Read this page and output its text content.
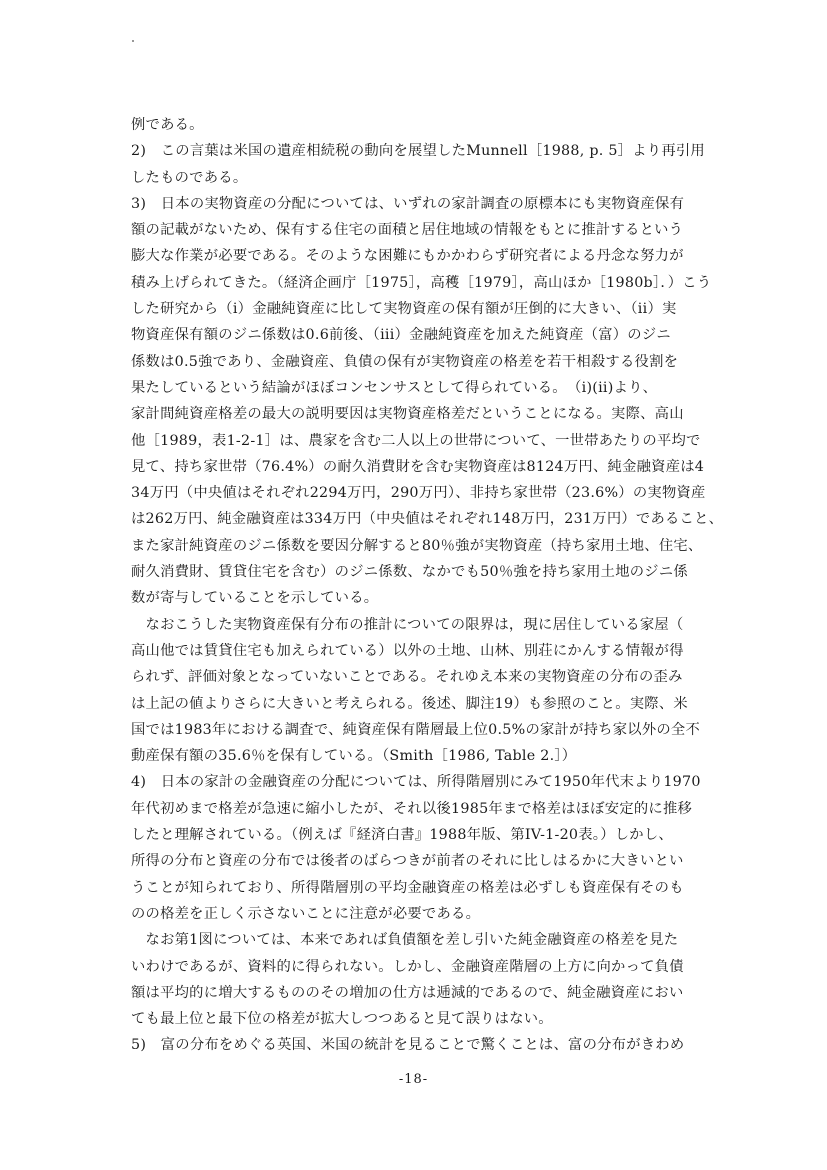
例である。
2)　この言葉は米国の遺産相続税の動向を展望したMunnell［1988, p. 5］より再引用
したものである。
3)　日本の実物資産の分配については、いずれの家計調査の原標本にも実物資産保有
額の記載がないため、保有する住宅の面積と居住地域の情報をもとに推計するという
膨大な作業が必要である。そのような困難にもかかわらず研究者による丹念な努力が
積み上げられてきた。（経済企画庁［1975］，高穫［1979］，高山ほか［1980b］．）こう
した研究から（i）金融純資産に比して実物資産の保有額が圧倒的に大きい、（ii）実
物資産保有額のジニ係数は0.6前後、（iii）金融純資産を加えた純資産（富）のジニ
係数は0.5強であり、金融資産、負債の保有が実物資産の格差を若干相殺する役割を
果たしているという結論がほぼコンセンサスとして得られている。　（i)(ii)より、
家計間純資産格差の最大の説明要因は実物資産格差だということになる。実際、高山
他［1989，表1-2-1］は、農家を含む二人以上の世帯について、一世帯あたりの平均で
見て、持ち家世帯（76.4%）の耐久消費財を含む実物資産は8124万円、純金融資産は4
34万円（中央値はそれぞれ2294万円，290万円）、非持ち家世帯（23.6%）の実物資産
は262万円、純金融資産は334万円（中央値はそれぞれ148万円，231万円）であること、
また家計純資産のジニ係数を要因分解すると80％強が実物資産（持ち家用土地、住宅、
耐久消費財、賃貸住宅を含む）のジニ係数、なかでも50％強を持ち家用土地のジニ係
数が寄与していることを示している。
　なおこうした実物資産保有分布の推計についての限界は，現に居住している家屋（
高山他では賃貸住宅も加えられている）以外の土地、山林、別荘にかんする情報が得
られず、評価対象となっていないことである。それゆえ本来の実物資産の分布の歪み
は上記の値よりさらに大きいと考えられる。後述、脚注19）も参照のこと。実際、米
国では1983年における調査で、純資産保有階層最上位0.5%の家計が持ち家以外の全不
動産保有額の35.6％を保有している。（Smith［1986, Table 2.］）
4)　日本の家計の金融資産の分配については、所得階層別にみて1950年代末より1970
年代初めまで格差が急速に縮小したが、それ以後1985年まで格差はほぼ安定的に推移
したと理解されている。（例えば『経済白書』1988年版、第IV-1-20表。）しかし、
所得の分布と資産の分布では後者のばらつきが前者のそれに比しはるかに大きいとい
うことが知られており、所得階層別の平均金融資産の格差は必ずしも資産保有そのも
のの格差を正しく示さないことに注意が必要である。
　なお第1図については、本来であれば負債額を差し引いた純金融資産の格差を見た
いわけであるが、資料的に得られない。しかし、金融資産階層の上方に向かって負債
額は平均的に増大するもののその増加の仕方は逓減的であるので、純金融資産におい
ても最上位と最下位の格差が拡大しつつあると見て誤りはない。
5)　富の分布をめぐる英国、米国の統計を見ることで驚くことは、富の分布がきわめ
-18-
